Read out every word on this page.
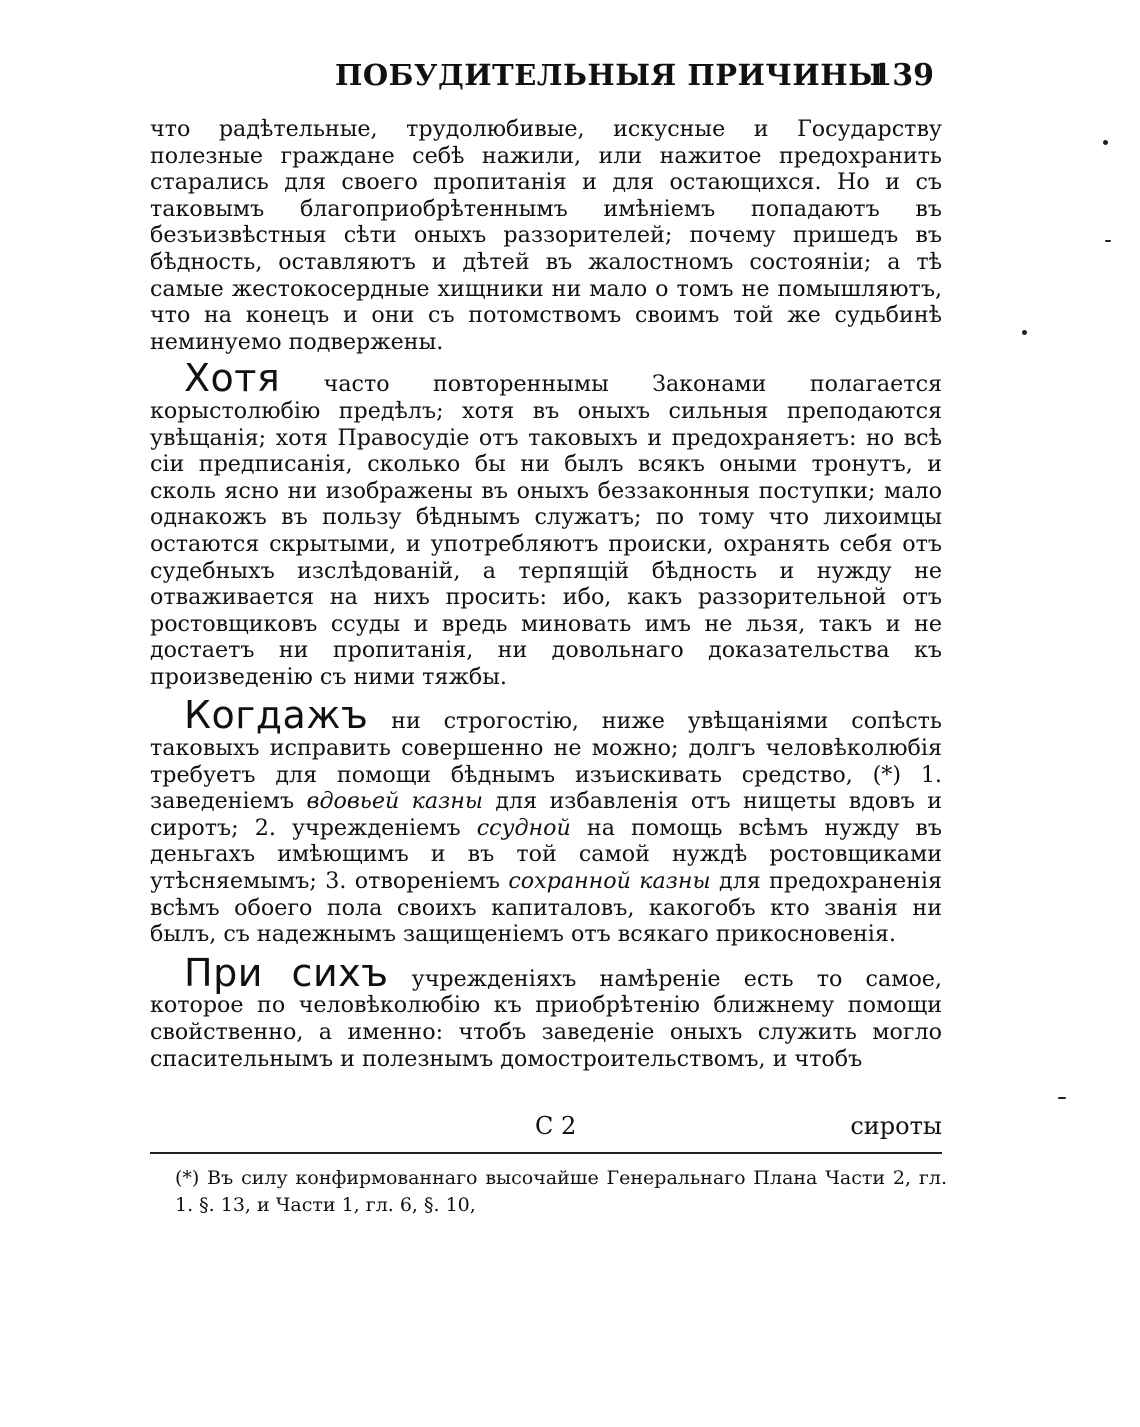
ПОБУДИТЕЛЬНЫЯ ПРИЧИНЫ
139

что радѣтельные, трудолюбивые, искусные и Государству полезные граждане себѣ нажили, или нажитое предохранить старались для своего пропитанія и для остающихся. Но и съ таковымъ благоприобрѣтеннымъ имѣніемъ попадаютъ въ безъизвѣстныя сѣти оныхъ раззорителей; почему пришедъ въ бѣдность, оставляютъ и дѣтей въ жалостномъ состояніи; а тѣ самые жестокосердные хищники ни мало о томъ не помышляютъ, что на конецъ и они съ потомствомъ своимъ той же судьбинѣ неминуемо подвержены.

Хотя часто повтореннымы Законами полагается корыстолюбію предѣлъ; хотя въ оныхъ сильныя преподаются увѣщанія; хотя Правосудіе отъ таковыхъ и предохраняетъ: но всѣ сіи предписанія, сколько бы ни былъ всякъ оными тронутъ, и сколь ясно ни изображены въ оныхъ беззаконныя поступки; мало однакожъ въ пользу бѣднымъ служатъ; по тому что лихоимцы остаются скрытыми, и употребляютъ происки, охранять себя отъ судебныхъ изслѣдованій, а терпящій бѣдность и нужду не отваживается на нихъ просить: ибо, какъ раззорительной отъ ростовщиковъ ссуды и вредь миновать имъ не льзя, такъ и не достаетъ ни пропитанія, ни довольнаго доказательства къ произведенію съ ними тяжбы.

Когдажъ ни строгостію, ниже увѣщаніями сопѣсть таковыхъ исправить совершенно не можно; долгъ человѣколюбія требуетъ для помощи бѣднымъ изъискивать средство, (*) 1. заведеніемъ вдовьей казны для избавленія отъ нищеты вдовъ и сиротъ; 2. учрежденіемъ ссудной на помощь всѣмъ нужду въ деньгахъ имѣющимъ и въ той самой нуждѣ ростовщиками утѣсняемымъ; 3. отвореніемъ сохранной казны для предохраненія всѣмъ обоего пола своихъ капиталовъ, какогобъ кто званія ни былъ, съ надежнымъ защищеніемъ отъ всякаго прикосновенія.

При сихъ учрежденіяхъ намѣреніе есть то самое, которое по человѣколюбію къ приобрѣтенію ближнему помощи свойственно, а именно: чтобъ заведеніе оныхъ служить могло спасительнымъ и полезнымъ домостроительствомъ, и чтобъ

С 2	сироты
(*) Въ силу конфирмованнаго высочайше Генеральнаго Плана Части 2, гл. 1. §. 13, и Части 1, гл. 6, §. 10,
